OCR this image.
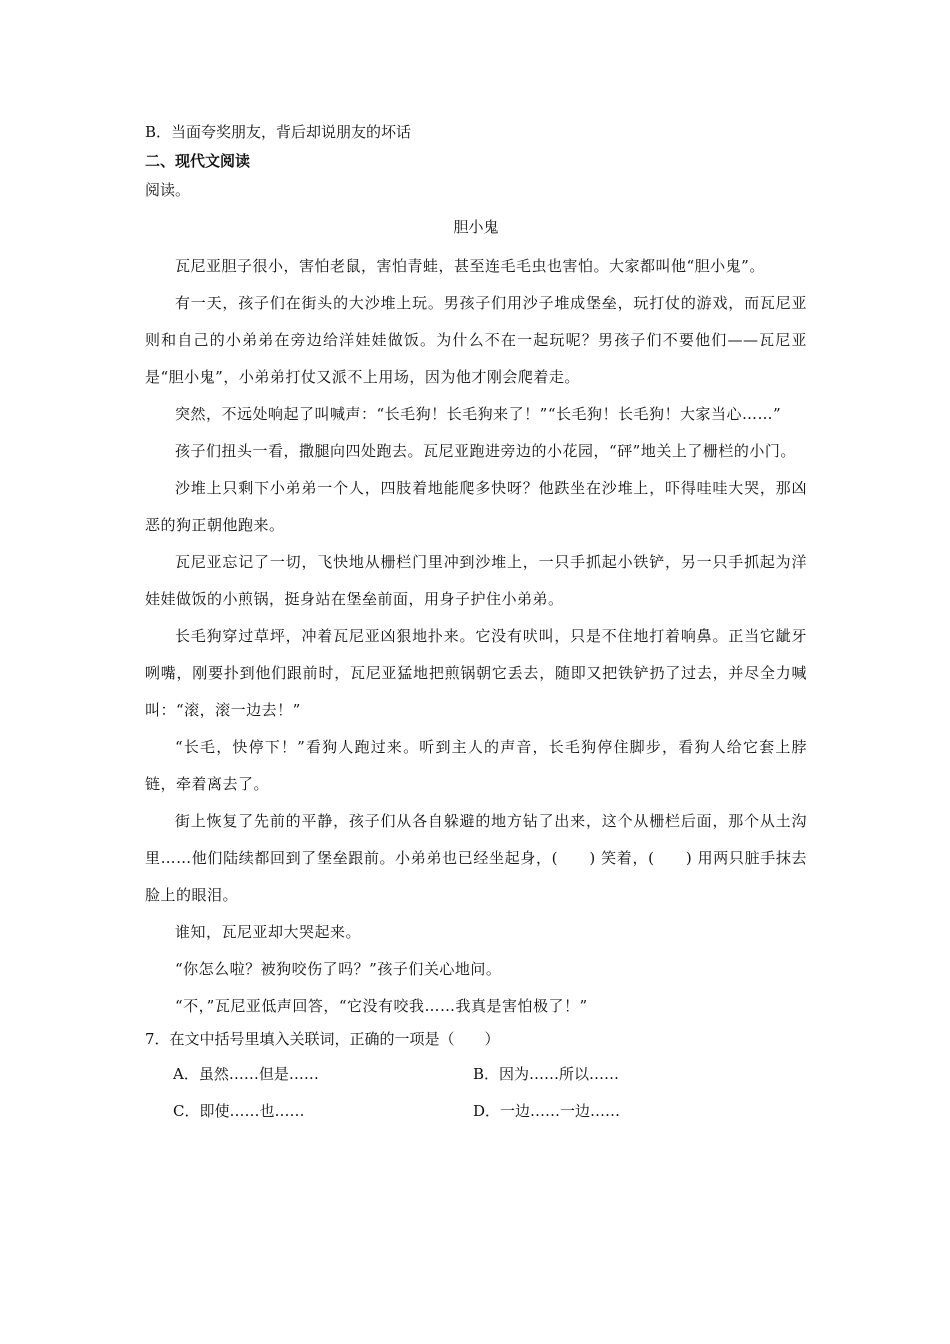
B．当面夸奖朋友，背后却说朋友的坏话
二、现代文阅读
阅读。
胆小鬼

瓦尼亚胆子很小，害怕老鼠，害怕青蛙，甚至连毛毛虫也害怕。大家都叫他“胆小鬼”。

有一天，孩子们在街头的大沙堆上玩。男孩子们用沙子堆成堡垒，玩打仗的游戏，而瓦尼亚则和自己的小弟弟在旁边给洋娃娃做饭。为什么不在一起玩呢？男孩子们不要他们——瓦尼亚是“胆小鬼”，小弟弟打仗又派不上用场，因为他才刚会爬着走。

突然，不远处响起了叫喊声：“长毛狗！长毛狗来了！”“长毛狗！长毛狗！大家当心……”

孩子们扭头一看，撒腿向四处跑去。瓦尼亚跑进旁边的小花园，“砰”地关上了栅栏的小门。

沙堆上只剩下小弟弟一个人，四肢着地能爬多快呀？他跌坐在沙堆上，吓得哇哇大哭，那凶恶的狗正朝他跑来。

瓦尼亚忘记了一切，飞快地从栅栏门里冲到沙堆上，一只手抓起小铁铲，另一只手抓起为洋娃娃做饭的小煎锅，挺身站在堡垒前面，用身子护住小弟弟。

长毛狗穿过草坪，冲着瓦尼亚凶狠地扑来。它没有吠叫，只是不住地打着响鼻。正当它龇牙咧嘴，刚要扑到他们跟前时，瓦尼亚猛地把煎锅朝它丢去，随即又把铁铲扔了过去，并尽全力喊叫：“滚，滚一边去！”

“长毛，快停下！”看狗人跑过来。听到主人的声音，长毛狗停住脚步，看狗人给它套上脖链，牵着离去了。

街上恢复了先前的平静，孩子们从各自躲避的地方钻了出来，这个从栅栏后面，那个从土沟里……他们陆续都回到了堡垒跟前。小弟弟也已经坐起身，(　　) 笑着，(　　) 用两只脏手抹去脸上的眼泪。

谁知，瓦尼亚却大哭起来。

“你怎么啦？被狗咬伤了吗？”孩子们关心地问。

“不，”瓦尼亚低声回答，“它没有咬我……我真是害怕极了！”

7．在文中括号里填入关联词，正确的一项是（　　）
A．虽然……但是……	B．因为……所以……
C．即使……也……	D．一边……一边……
